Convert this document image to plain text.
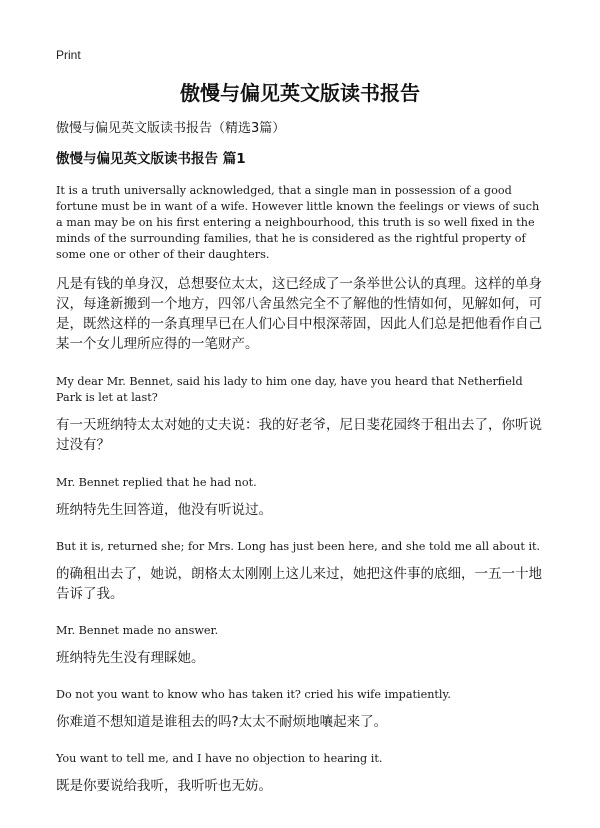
Print
傲慢与偏见英文版读书报告

傲慢与偏见英文版读书报告（精选3篇）

傲慢与偏见英文版读书报告 篇1

It is a truth universally acknowledged, that a single man in possession of a good fortune must be in want of a wife. However little known the feelings or views of such a man may be on his first entering a neighbourhood, this truth is so well fixed in the minds of the surrounding families, that he is considered as the rightful property of some one or other of their daughters.

凡是有钱的单身汉，总想娶位太太，这已经成了一条举世公认的真理。这样的单身汉，每逢新搬到一个地方，四邻八舍虽然完全不了解他的性情如何，见解如何，可是，既然这样的一条真理早已在人们心目中根深蒂固，因此人们总是把他看作自己某一个女儿理所应得的一笔财产。

My dear Mr. Bennet, said his lady to him one day, have you heard that Netherfield Park is let at last?

有一天班纳特太太对她的丈夫说：我的好老爷，尼日斐花园终于租出去了，你听说过没有？

Mr. Bennet replied that he had not.

班纳特先生回答道，他没有听说过。

But it is, returned she; for Mrs. Long has just been here, and she told me all about it.

的确租出去了，她说，朗格太太刚刚上这儿来过，她把这件事的底细，一五一十地告诉了我。

Mr. Bennet made no answer.

班纳特先生没有理睬她。

Do not you want to know who has taken it? cried his wife impatiently.

你难道不想知道是谁租去的吗?太太不耐烦地嚷起来了。

You want to tell me, and I have no objection to hearing it.

既是你要说给我听，我听听也无妨。
